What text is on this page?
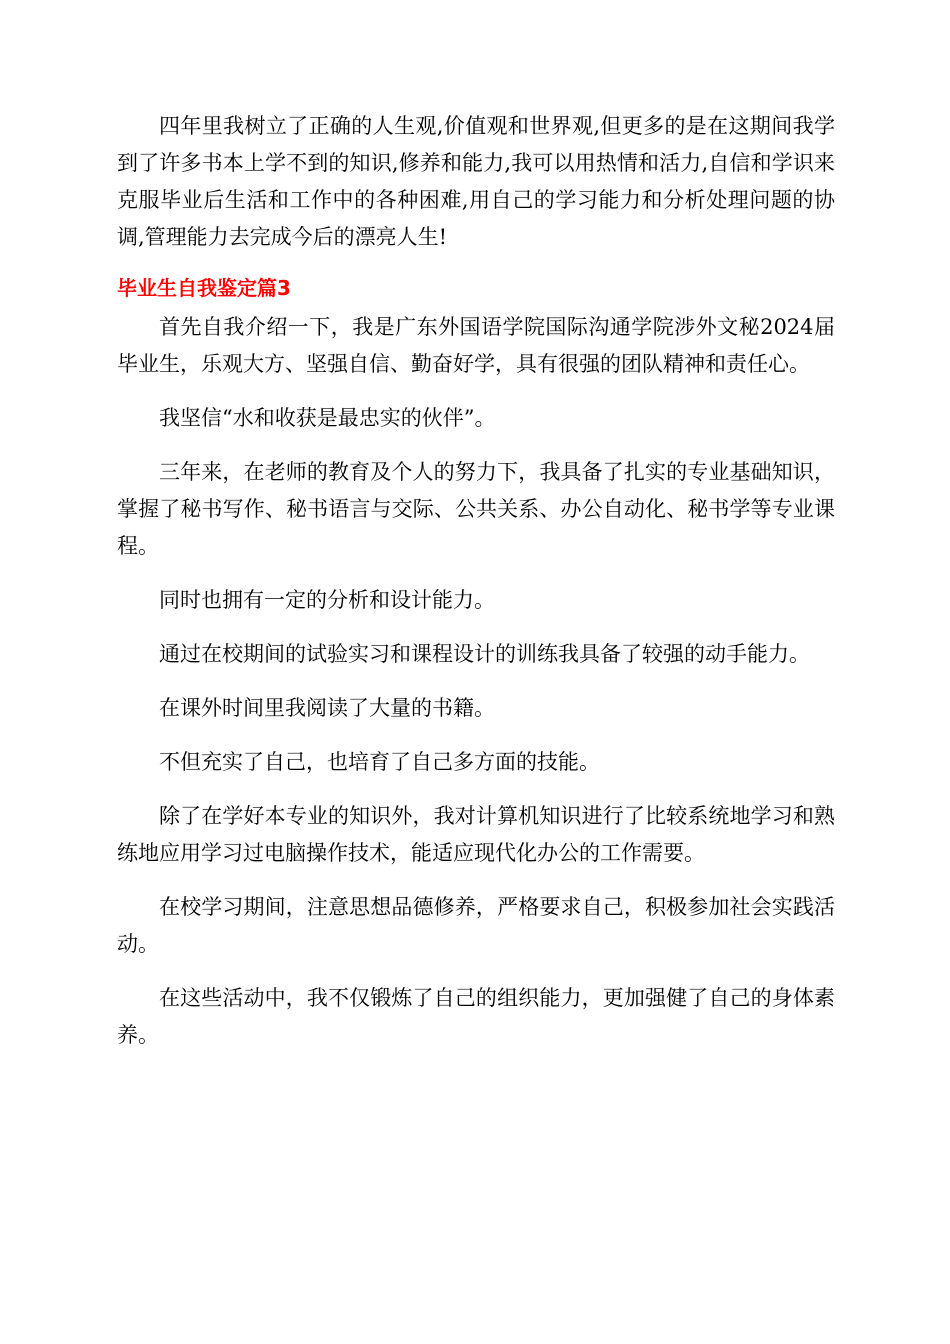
四年里我树立了正确的人生观,价值观和世界观,但更多的是在这期间我学到了许多书本上学不到的知识,修养和能力,我可以用热情和活力,自信和学识来克服毕业后生活和工作中的各种困难,用自己的学习能力和分析处理问题的协调,管理能力去完成今后的漂亮人生!

毕业生自我鉴定篇3

首先自我介绍一下，我是广东外国语学院国际沟通学院涉外文秘2024届毕业生，乐观大方、坚强自信、勤奋好学，具有很强的团队精神和责任心。

我坚信“水和收获是最忠实的伙伴”。

三年来，在老师的教育及个人的努力下，我具备了扎实的专业基础知识，掌握了秘书写作、秘书语言与交际、公共关系、办公自动化、秘书学等专业课程。

同时也拥有一定的分析和设计能力。

通过在校期间的试验实习和课程设计的训练我具备了较强的动手能力。

在课外时间里我阅读了大量的书籍。

不但充实了自己，也培育了自己多方面的技能。

除了在学好本专业的知识外，我对计算机知识进行了比较系统地学习和熟练地应用学习过电脑操作技术，能适应现代化办公的工作需要。

在校学习期间，注意思想品德修养，严格要求自己，积极参加社会实践活动。

在这些活动中，我不仅锻炼了自己的组织能力，更加强健了自己的身体素养。
